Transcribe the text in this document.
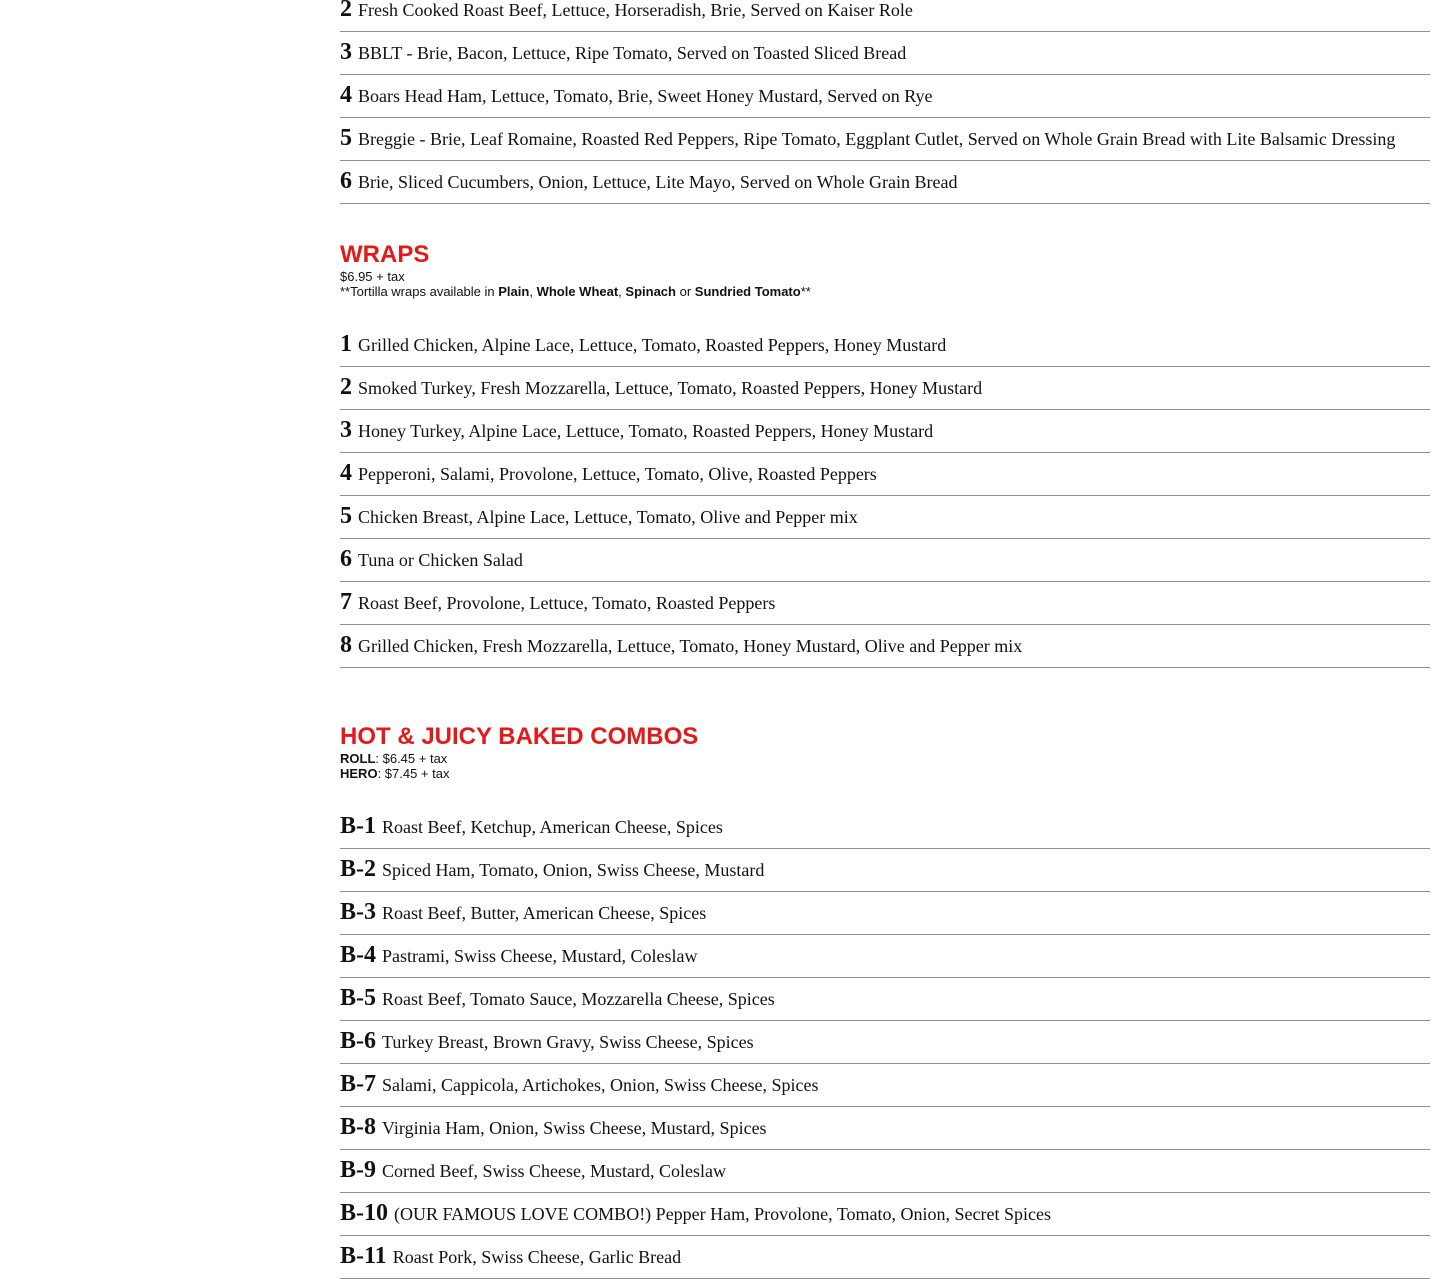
2 Fresh Cooked Roast Beef, Lettuce, Horseradish, Brie, Served on Kaiser Role
3 BBLT - Brie, Bacon, Lettuce, Ripe Tomato, Served on Toasted Sliced Bread
4 Boars Head Ham, Lettuce, Tomato, Brie, Sweet Honey Mustard, Served on Rye
5 Breggie - Brie, Leaf Romaine, Roasted Red Peppers, Ripe Tomato, Eggplant Cutlet, Served on Whole Grain Bread with Lite Balsamic Dressing
6 Brie, Sliced Cucumbers, Onion, Lettuce, Lite Mayo, Served on Whole Grain Bread
WRAPS
$6.95 + tax
**Tortilla wraps available in Plain, Whole Wheat, Spinach or Sundried Tomato**
1 Grilled Chicken, Alpine Lace, Lettuce, Tomato, Roasted Peppers, Honey Mustard
2 Smoked Turkey, Fresh Mozzarella, Lettuce, Tomato, Roasted Peppers, Honey Mustard
3 Honey Turkey, Alpine Lace, Lettuce, Tomato, Roasted Peppers, Honey Mustard
4 Pepperoni, Salami, Provolone, Lettuce, Tomato, Olive, Roasted Peppers
5 Chicken Breast, Alpine Lace, Lettuce, Tomato, Olive and Pepper mix
6 Tuna or Chicken Salad
7 Roast Beef, Provolone, Lettuce, Tomato, Roasted Peppers
8 Grilled Chicken, Fresh Mozzarella, Lettuce, Tomato, Honey Mustard, Olive and Pepper mix
HOT & JUICY BAKED COMBOS
ROLL: $6.45 + tax
HERO: $7.45 + tax
B-1 Roast Beef, Ketchup, American Cheese, Spices
B-2 Spiced Ham, Tomato, Onion, Swiss Cheese, Mustard
B-3 Roast Beef, Butter, American Cheese, Spices
B-4 Pastrami, Swiss Cheese, Mustard, Coleslaw
B-5 Roast Beef, Tomato Sauce, Mozzarella Cheese, Spices
B-6 Turkey Breast, Brown Gravy, Swiss Cheese, Spices
B-7 Salami, Cappicola, Artichokes, Onion, Swiss Cheese, Spices
B-8 Virginia Ham, Onion, Swiss Cheese, Mustard, Spices
B-9 Corned Beef, Swiss Cheese, Mustard, Coleslaw
B-10 (OUR FAMOUS LOVE COMBO!) Pepper Ham, Provolone, Tomato, Onion, Secret Spices
B-11 Roast Pork, Swiss Cheese, Garlic Bread
